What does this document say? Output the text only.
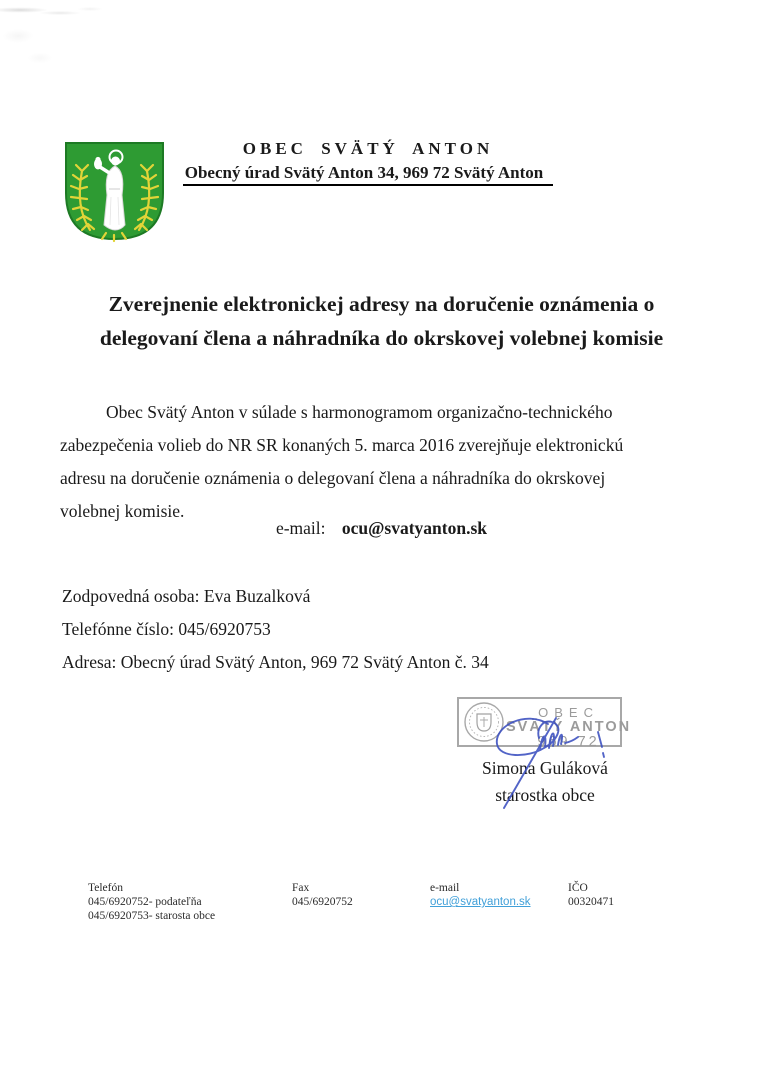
OBEC SVÄTÝ ANTON
Obecný úrad Svätý Anton 34, 969 72 Svätý Anton
Zverejnenie elektronickej adresy na doručenie oznámenia o
delegovaní člena a náhradníka do okrskovej volebnej komisie
Obec Svätý Anton v súlade s harmonogramom organizačno-technického
zabezpečenia volieb do NR SR konaných 5. marca 2016 zverejňuje elektronickú
adresu na doručenie oznámenia o delegovaní člena a náhradníka do okrskovej
volebnej komisie.
e-mail: ocu@svatyanton.sk
Zodpovedná osoba: Eva Buzalková
Telefónne číslo: 045/6920753
Adresa: Obecný úrad Svätý Anton, 969 72 Svätý Anton č. 34
OBEC
SVÄTÝ ANTON
969 72
Simona Guláková
starostka obce
Telefón
045/6920752- podateľňa
045/6920753- starosta obce
Fax
045/6920752
e-mail
ocu@svatyanton.sk
IČO
00320471
